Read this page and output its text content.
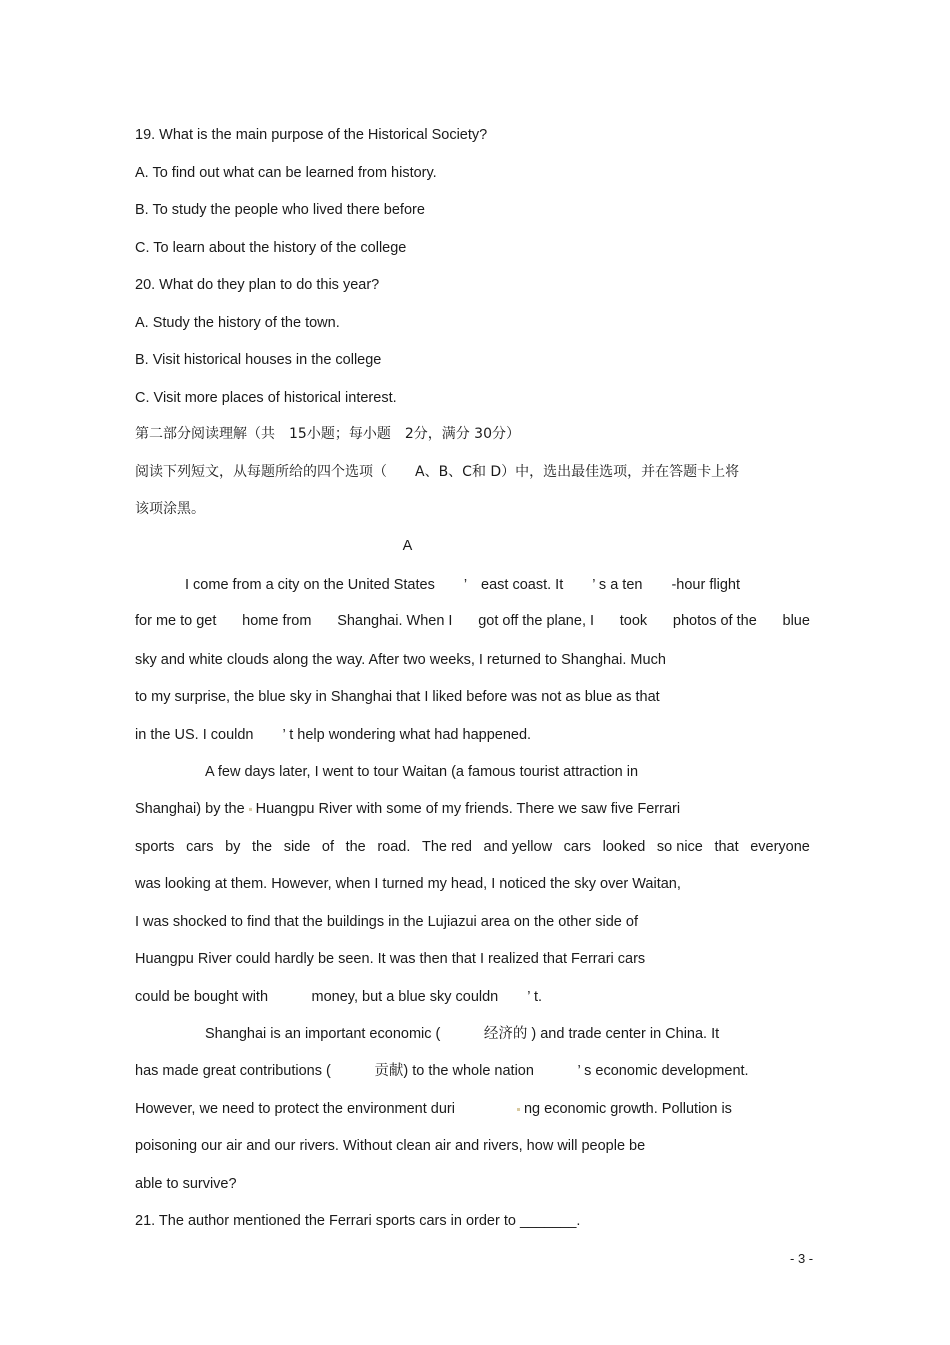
19. What is the main purpose of the Historical Society?
A. To find out what can be learned from history.
B. To study the people who lived there before
C. To learn about the history of the college
20. What do they plan to do this year?
A. Study the history of the town.
B. Visit historical houses in the college
C. Visit more places of historical interest.
第二部分阅读理解（共　15小题；每小题　2分，满分 30分）
阅读下列短文，从每题所给的四个选项（　　A、B、C和 D）中，选出最佳选项，并在答题卡上将
该项涂黑。
A
I come from a city on the United States　　’　east coast. It　　’ s a ten　　-hour flight
for me to get home from Shanghai. When I got off the plane, I took photos of the blue
sky and white clouds along the way. After two weeks, I returned to Shanghai. Much
to my surprise, the blue sky in Shanghai that I liked before was not as blue as that
in the US. I couldn　　’ t help wondering what had happened.
A few days later, I went to tour Waitan (a famous tourist attraction in
Shanghai) by the Huangpu River with some of my friends. There we saw five Ferrari
sports cars by the side of the road. The red and yellow cars looked so nice that everyone
was looking at them. However, when I turned my head, I noticed the sky over Waitan,
I was shocked to find that the buildings in the Lujiazui area on the other side of
Huangpu River could hardly be seen. It was then that I realized that Ferrari cars
could be bought with　　　money, but a blue sky couldn　　’ t.
Shanghai is an important economic (　　　经济的 ) and trade center in China. It
has made great contributions (　　　贡献) to the whole nation　　　’ s economic development.
However, we need to protect the environment duri	ng economic growth. Pollution is
poisoning our air and our rivers. Without clean air and rivers, how will people be
able to survive?
21. The author mentioned the Ferrari sports cars in order to _______.
- 3 -
